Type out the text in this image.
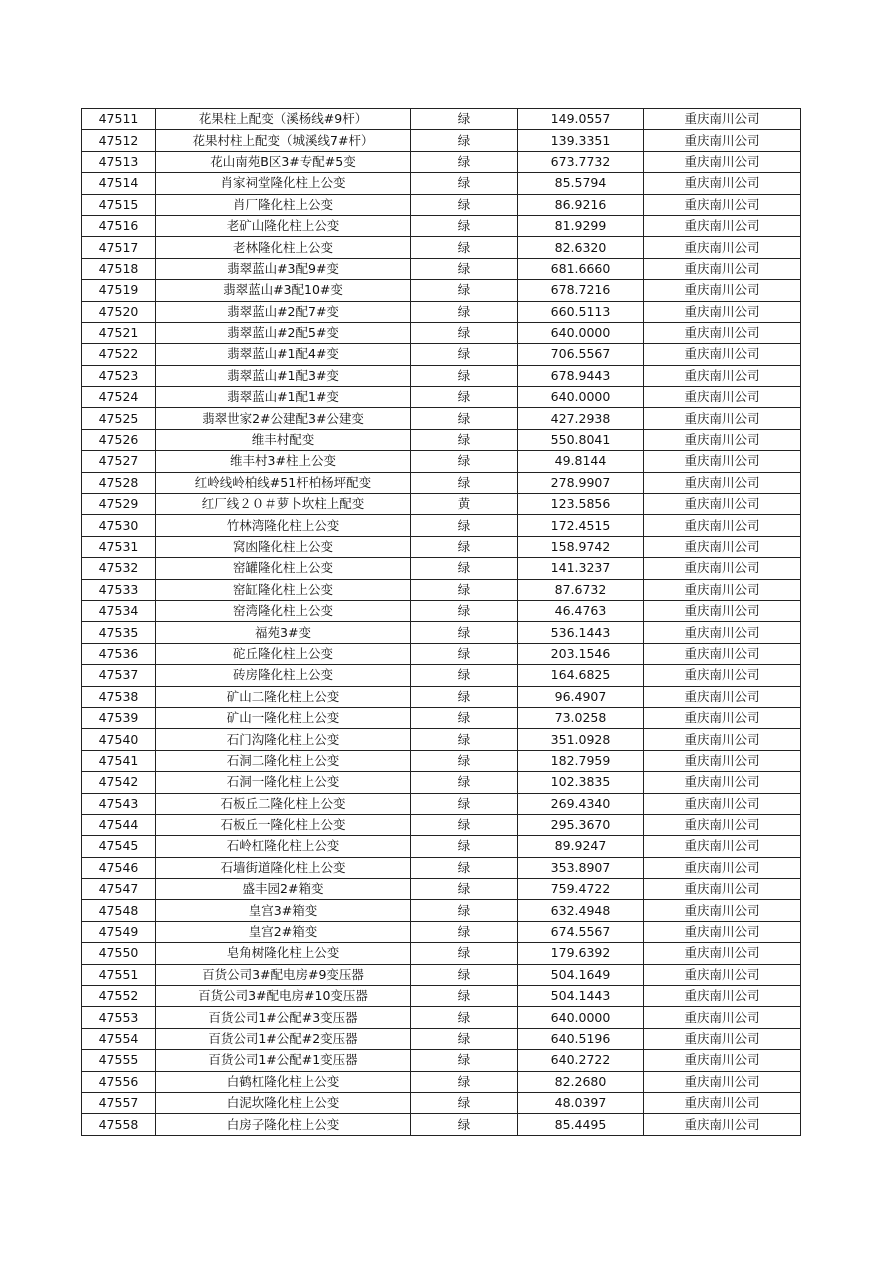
47511	花果柱上配变（溪杨线#9杆）	绿	149.0557	重庆南川公司
47512	花果村柱上配变（城溪线7#杆）	绿	139.3351	重庆南川公司
47513	花山南苑B区3#专配#5变	绿	673.7732	重庆南川公司
47514	肖家祠堂隆化柱上公变	绿	85.5794	重庆南川公司
47515	肖厂隆化柱上公变	绿	86.9216	重庆南川公司
47516	老矿山隆化柱上公变	绿	81.9299	重庆南川公司
47517	老林隆化柱上公变	绿	82.6320	重庆南川公司
47518	翡翠蓝山#3配9#变	绿	681.6660	重庆南川公司
47519	翡翠蓝山#3配10#变	绿	678.7216	重庆南川公司
47520	翡翠蓝山#2配7#变	绿	660.5113	重庆南川公司
47521	翡翠蓝山#2配5#变	绿	640.0000	重庆南川公司
47522	翡翠蓝山#1配4#变	绿	706.5567	重庆南川公司
47523	翡翠蓝山#1配3#变	绿	678.9443	重庆南川公司
47524	翡翠蓝山#1配1#变	绿	640.0000	重庆南川公司
47525	翡翠世家2#公建配3#公建变	绿	427.2938	重庆南川公司
47526	维丰村配变	绿	550.8041	重庆南川公司
47527	维丰村3#柱上公变	绿	49.8144	重庆南川公司
47528	红岭线岭柏线#51杆柏杨坪配变	绿	278.9907	重庆南川公司
47529	红厂线２０＃萝卜坎柱上配变	黄	123.5856	重庆南川公司
47530	竹林湾隆化柱上公变	绿	172.4515	重庆南川公司
47531	窝凼隆化柱上公变	绿	158.9742	重庆南川公司
47532	窑罐隆化柱上公变	绿	141.3237	重庆南川公司
47533	窑缸隆化柱上公变	绿	87.6732	重庆南川公司
47534	窑湾隆化柱上公变	绿	46.4763	重庆南川公司
47535	福苑3#变	绿	536.1443	重庆南川公司
47536	砣丘隆化柱上公变	绿	203.1546	重庆南川公司
47537	砖房隆化柱上公变	绿	164.6825	重庆南川公司
47538	矿山二隆化柱上公变	绿	96.4907	重庆南川公司
47539	矿山一隆化柱上公变	绿	73.0258	重庆南川公司
47540	石门沟隆化柱上公变	绿	351.0928	重庆南川公司
47541	石洞二隆化柱上公变	绿	182.7959	重庆南川公司
47542	石洞一隆化柱上公变	绿	102.3835	重庆南川公司
47543	石板丘二隆化柱上公变	绿	269.4340	重庆南川公司
47544	石板丘一隆化柱上公变	绿	295.3670	重庆南川公司
47545	石岭杠隆化柱上公变	绿	89.9247	重庆南川公司
47546	石墙街道隆化柱上公变	绿	353.8907	重庆南川公司
47547	盛丰园2#箱变	绿	759.4722	重庆南川公司
47548	皇宫3#箱变	绿	632.4948	重庆南川公司
47549	皇宫2#箱变	绿	674.5567	重庆南川公司
47550	皂角树隆化柱上公变	绿	179.6392	重庆南川公司
47551	百货公司3#配电房#9变压器	绿	504.1649	重庆南川公司
47552	百货公司3#配电房#10变压器	绿	504.1443	重庆南川公司
47553	百货公司1#公配#3变压器	绿	640.0000	重庆南川公司
47554	百货公司1#公配#2变压器	绿	640.5196	重庆南川公司
47555	百货公司1#公配#1变压器	绿	640.2722	重庆南川公司
47556	白鹤杠隆化柱上公变	绿	82.2680	重庆南川公司
47557	白泥坎隆化柱上公变	绿	48.0397	重庆南川公司
47558	白房子隆化柱上公变	绿	85.4495	重庆南川公司
